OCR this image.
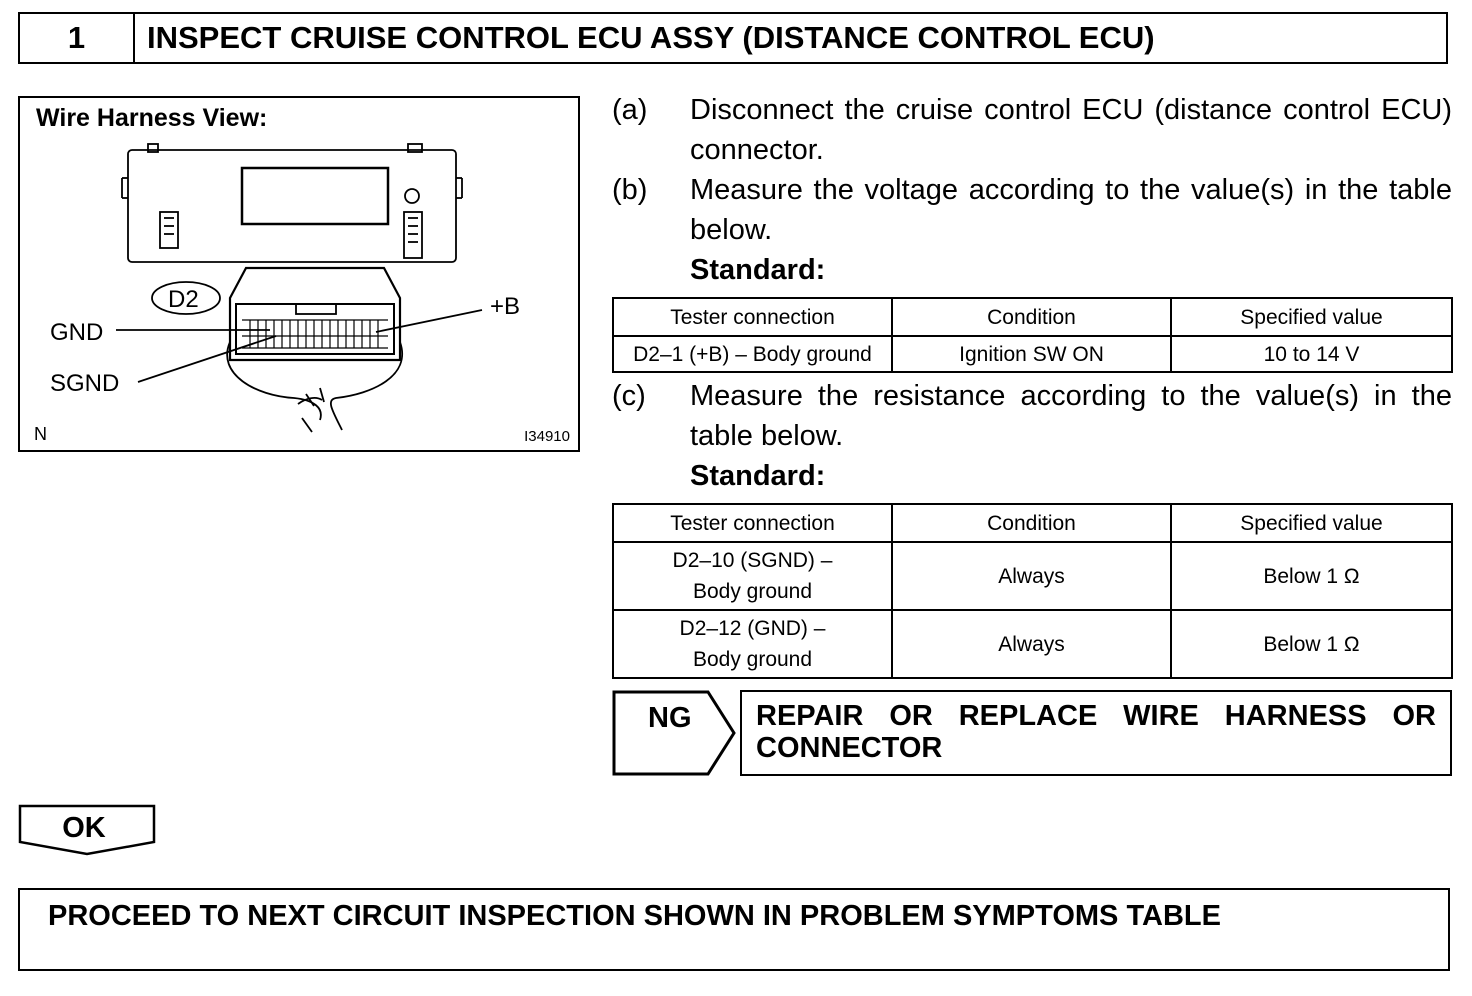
1	INSPECT CRUISE CONTROL ECU ASSY (DISTANCE CONTROL ECU)
D2
GND
SGND
+B
Wire Harness View:
N	I34910
(a) Disconnect the cruise control ECU (distance control ECU)
connector.
(b) Measure the voltage according to the value(s) in the table
below.
Standard:
Tester connection	Condition	Specified value
D2–1 (+B) – Body ground	Ignition SW ON	10 to 14 V
(c) Measure the resistance according to the value(s) in the
table below.
Standard:
Tester connection	Condition	Specified value

D2–10 (SGND) –
Body ground	Always	Below 1 Ω

D2–12 (GND) –
Body ground	Always	Below 1 Ω
NG REPAIR OR REPLACE WIRE HARNESS OR
CONNECTOR
OK
PROCEED TO NEXT CIRCUIT INSPECTION SHOWN IN PROBLEM SYMPTOMS TABLE
